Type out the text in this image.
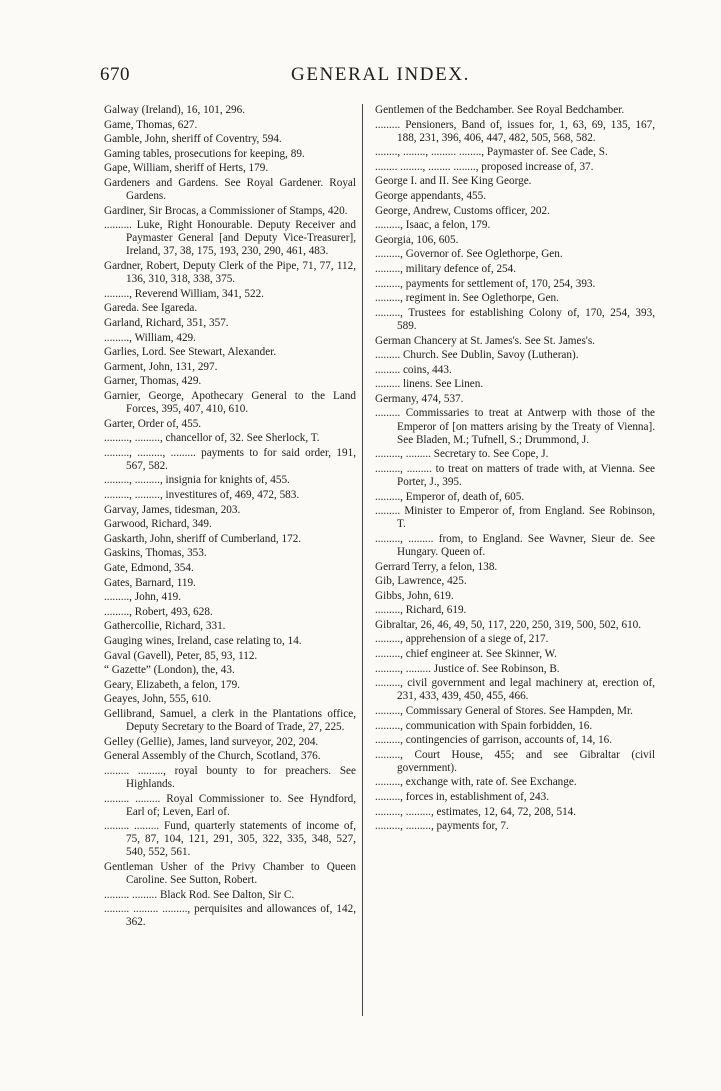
670	GENERAL INDEX.

Galway (Ireland), 16, 101, 296.

Game, Thomas, 627.

Gamble, John, sheriff of Coventry, 594.

Gaming tables, prosecutions for keeping, 89.

Gape, William, sheriff of Herts, 179.

Gardeners and Gardens. See Royal Gardener. Royal Gardens.

Gardiner, Sir Brocas, a Commissioner of Stamps, 420.

.......... Luke, Right Honourable. Deputy Receiver and Paymaster General [and Deputy Vice-Treasurer], Ireland, 37, 38, 175, 193, 230, 290, 461, 483.

Gardner, Robert, Deputy Clerk of the Pipe, 71, 77, 112, 136, 310, 318, 338, 375.

........., Reverend William, 341, 522.

Gareda. See Igareda.

Garland, Richard, 351, 357.

........., William, 429.

Garlies, Lord. See Stewart, Alexander.

Garment, John, 131, 297.

Garner, Thomas, 429.

Garnier, George, Apothecary General to the Land Forces, 395, 407, 410, 610.

Garter, Order of, 455.

........., ........., chancellor of, 32. See Sherlock, T.

........., ........., ......... payments to for said order, 191, 567, 582.

........., ........., insignia for knights of, 455.

........., ........., investitures of, 469, 472, 583.

Garvay, James, tidesman, 203.

Garwood, Richard, 349.

Gaskarth, John, sheriff of Cumberland, 172.

Gaskins, Thomas, 353.

Gate, Edmond, 354.

Gates, Barnard, 119.

........., John, 419.

........., Robert, 493, 628.

Gathercollie, Richard, 331.

Gauging wines, Ireland, case relating to, 14.

Gaval (Gavell), Peter, 85, 93, 112.

“ Gazette” (London), the, 43.

Geary, Elizabeth, a felon, 179.

Geayes, John, 555, 610.

Gellibrand, Samuel, a clerk in the Plantations office, Deputy Secretary to the Board of Trade, 27, 225.

Gelley (Gellie), James, land surveyor, 202, 204.

General Assembly of the Church, Scotland, 376.

......... ........., royal bounty to for preachers. See Highlands.

......... ......... Royal Commissioner to. See Hyndford, Earl of; Leven, Earl of.

......... ......... Fund, quarterly statements of income of, 75, 87, 104, 121, 291, 305, 322, 335, 348, 527, 540, 552, 561.

Gentleman Usher of the Privy Chamber to Queen Caroline. See Sutton, Robert.

......... ......... Black Rod. See Dalton, Sir C.

......... ......... ........., perquisites and allowances of, 142, 362.

Gentlemen of the Bedchamber. See Royal Bedchamber.

......... Pensioners, Band of, issues for, 1, 63, 69, 135, 167, 188, 231, 396, 406, 447, 482, 505, 568, 582.

........, ........, ......... ........, Paymaster of. See Cade, S.

........ ........, ........ ........, proposed increase of, 37.

George I. and II. See King George.

George appendants, 455.

George, Andrew, Customs officer, 202.

........., Isaac, a felon, 179.

Georgia, 106, 605.

........., Governor of. See Oglethorpe, Gen.

........., military defence of, 254.

........., payments for settlement of, 170, 254, 393.

........., regiment in. See Oglethorpe, Gen.

........., Trustees for establishing Colony of, 170, 254, 393, 589.

German Chancery at St. James's. See St. James's.

......... Church. See Dublin, Savoy (Lutheran).

......... coins, 443.

......... linens. See Linen.

Germany, 474, 537.

......... Commissaries to treat at Antwerp with those of the Emperor of [on matters arising by the Treaty of Vienna]. See Bladen, M.; Tufnell, S.; Drummond, J.

........., ......... Secretary to. See Cope, J.

........., ......... to treat on matters of trade with, at Vienna. See Porter, J., 395.

........., Emperor of, death of, 605.

......... Minister to Emperor of, from England. See Robinson, T.

........., ......... from, to England. See Wavner, Sieur de. See Hungary. Queen of.

Gerrard Terry, a felon, 138.

Gib, Lawrence, 425.

Gibbs, John, 619.

........., Richard, 619.

Gibraltar, 26, 46, 49, 50, 117, 220, 250, 319, 500, 502, 610.

........., apprehension of a siege of, 217.

........., chief engineer at. See Skinner, W.

........., ......... Justice of. See Robinson, B.

........., civil government and legal machinery at, erection of, 231, 433, 439, 450, 455, 466.

........., Commissary General of Stores. See Hampden, Mr.

........., communication with Spain forbidden, 16.

........., contingencies of garrison, accounts of, 14, 16.

........., Court House, 455; and see Gibraltar (civil government).

........., exchange with, rate of. See Exchange.

........., forces in, establishment of, 243.

........., ........., estimates, 12, 64, 72, 208, 514.

........., ........., payments for, 7.
